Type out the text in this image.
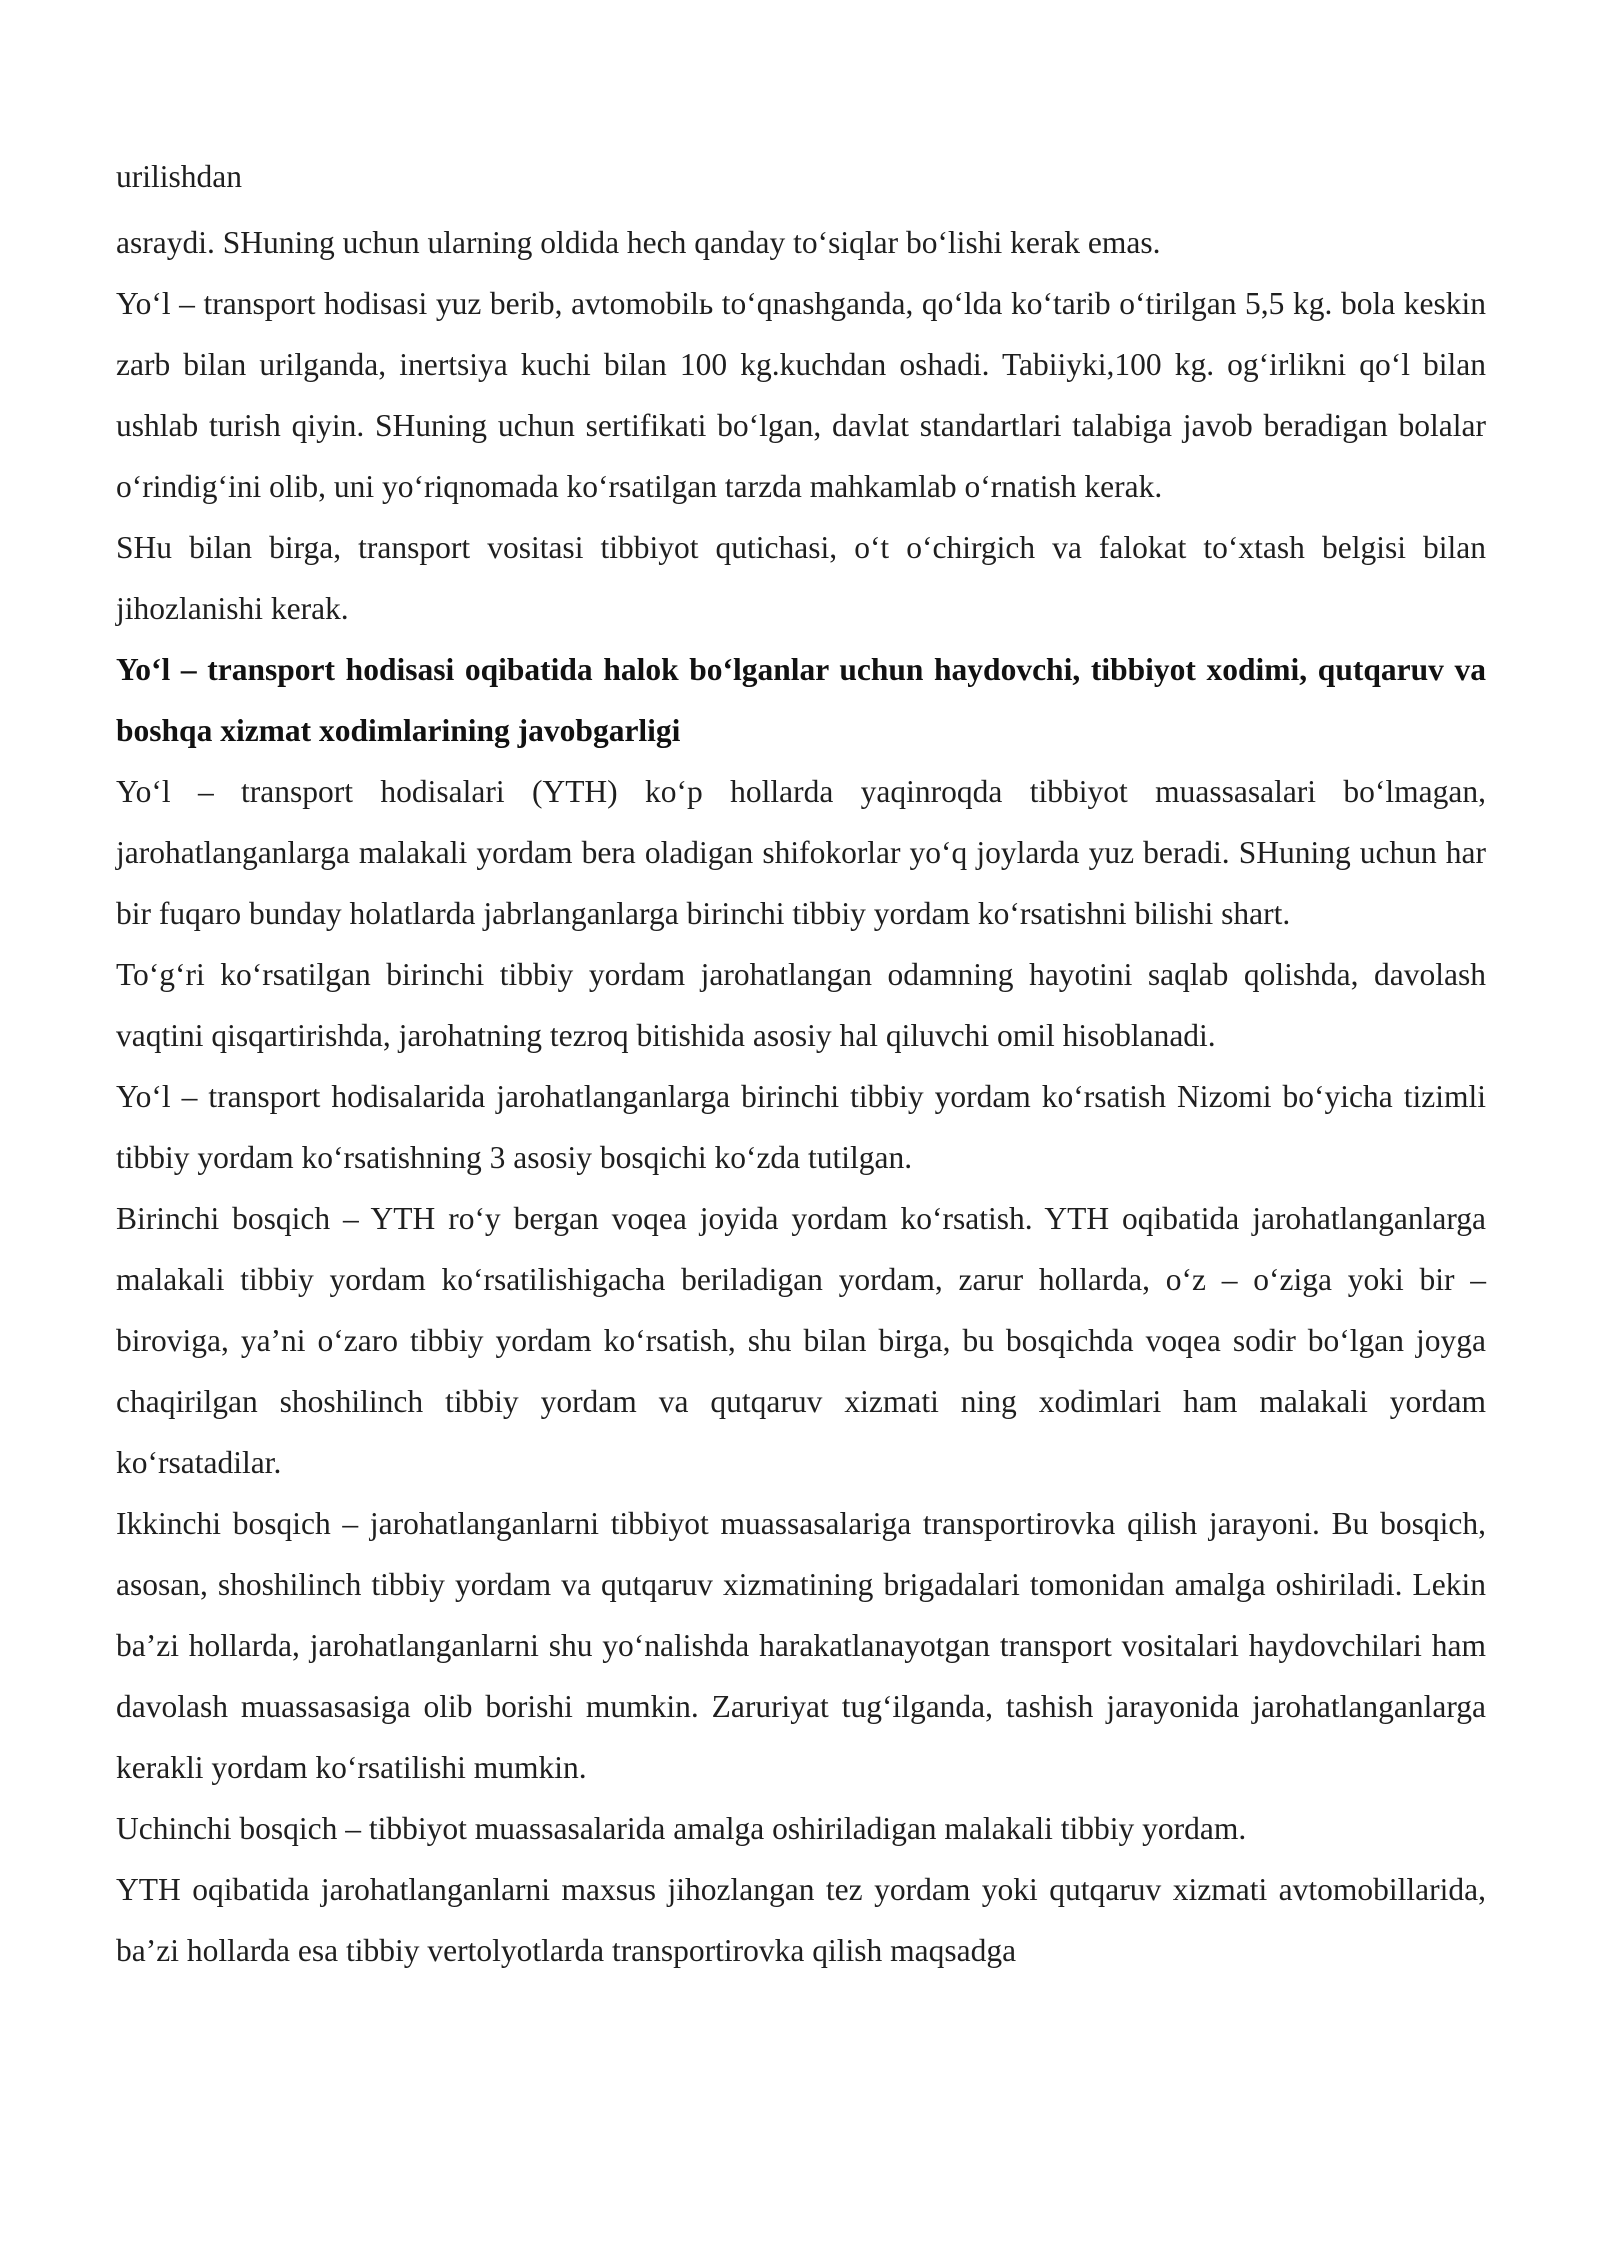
urilishdan

asraydi. SHuning uchun ularning oldida hech qanday to‘siqlar bo‘lishi kerak emas.

Yo‘l – transport hodisasi yuz berib, avtomobilь to‘qnashganda, qo‘lda ko‘tarib o‘tirilgan 5,5 kg. bola keskin zarb bilan urilganda, inertsiya kuchi bilan 100 kg.kuchdan oshadi. Tabiiyki,100 kg. og‘irlikni qo‘l bilan ushlab turish qiyin. SHuning uchun sertifikati bo‘lgan, davlat standartlari talabiga javob beradigan bolalar o‘rindig‘ini olib, uni yo‘riqnomada ko‘rsatilgan tarzda mahkamlab o‘rnatish kerak.

SHu bilan birga, transport vositasi tibbiyot qutichasi, o‘t o‘chirgich va falokat to‘xtash belgisi bilan jihozlanishi kerak.

Yo‘l – transport hodisasi oqibatida halok bo‘lganlar uchun haydovchi, tibbiyot xodimi, qutqaruv va boshqa xizmat xodimlarining javobgarligi

Yo‘l – transport hodisalari (YTH) ko‘p hollarda yaqinroqda tibbiyot muassasalari bo‘lmagan, jarohatlanganlarga malakali yordam bera oladigan shifokorlar yo‘q joylarda yuz beradi. SHuning uchun har bir fuqaro bunday holatlarda jabrlanganlarga birinchi tibbiy yordam ko‘rsatishni bilishi shart.

To‘g‘ri ko‘rsatilgan birinchi tibbiy yordam jarohatlangan odamning hayotini saqlab qolishda, davolash vaqtini qisqartirishda, jarohatning tezroq bitishida asosiy hal qiluvchi omil hisoblanadi.

Yo‘l – transport hodisalarida jarohatlanganlarga birinchi tibbiy yordam ko‘rsatish Nizomi bo‘yicha tizimli tibbiy yordam ko‘rsatishning 3 asosiy bosqichi ko‘zda tutilgan.

Birinchi bosqich – YTH ro‘y bergan voqea joyida yordam ko‘rsatish. YTH oqibatida jarohatlanganlarga malakali tibbiy yordam ko‘rsatilishigacha beriladigan yordam, zarur hollarda, o‘z – o‘ziga yoki bir – biroviga, ya’ni o‘zaro tibbiy yordam ko‘rsatish, shu bilan birga, bu bosqichda voqea sodir bo‘lgan joyga chaqirilgan shoshilinch tibbiy yordam va qutqaruv xizmati ning xodimlari ham malakali yordam ko‘rsatadilar.

Ikkinchi bosqich – jarohatlanganlarni tibbiyot muassasalariga transportirovka qilish jarayoni. Bu bosqich, asosan, shoshilinch tibbiy yordam va qutqaruv xizmatining brigadalari tomonidan amalga oshiriladi. Lekin ba’zi hollarda, jarohatlanganlarni shu yo‘nalishda harakatlanayotgan transport vositalari haydovchilari ham davolash muassasasiga olib borishi mumkin. Zaruriyat tug‘ilganda, tashish jarayonida jarohatlanganlarga kerakli yordam ko‘rsatilishi mumkin.

Uchinchi bosqich – tibbiyot muassasalarida amalga oshiriladigan malakali tibbiy yordam.

YTH oqibatida jarohatlanganlarni maxsus jihozlangan tez yordam yoki qutqaruv xizmati avtomobillarida, ba’zi hollarda esa tibbiy vertolyotlarda transportirovka qilish maqsadga
